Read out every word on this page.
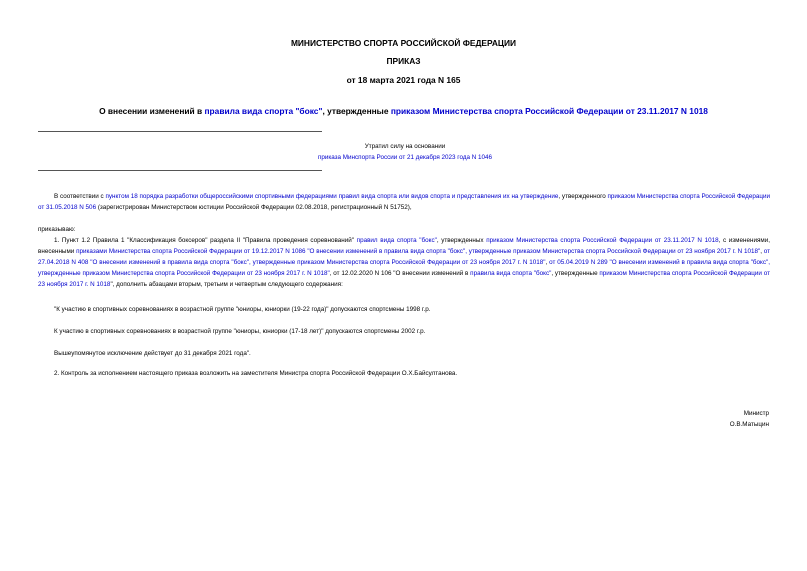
МИНИСТЕРСТВО СПОРТА РОССИЙСКОЙ ФЕДЕРАЦИИ
ПРИКАЗ
от 18 марта 2021 года N 165
О внесении изменений в правила вида спорта "бокс", утвержденные приказом Министерства спорта Российской Федерации от 23.11.2017 N 1018
Утратил силу на основании
приказа Минспорта России от 21 декабря 2023 года N 1046
В соответствии с пунктом 18 порядка разработки общероссийскими спортивными федерациями правил вида спорта или видов спорта и представления их на утверждение, утвержденного приказом Министерства спорта Российской Федерации от 31.05.2018 N 506 (зарегистрирован Министерством юстиции Российской Федерации 02.08.2018, регистрационный N 51752),
приказываю:
1. Пункт 1.2 Правила 1 "Классификация боксеров" раздела II "Правила проведения соревнований" правил вида спорта "бокс", утвержденных приказом Министерства спорта Российской Федерации от 23.11.2017 N 1018, с изменениями, внесенными приказами Министерства спорта Российской Федерации от 19.12.2017 N 1086 "О внесении изменений в правила вида спорта "бокс", утвержденные приказом Министерства спорта Российской Федерации от 23 ноября 2017 г. N 1018", от 27.04.2018 N 408 "О внесении изменений в правила вида спорта "бокс", утвержденные приказом Министерства спорта Российской Федерации от 23 ноября 2017 г. N 1018", от 05.04.2019 N 289 "О внесении изменений в правила вида спорта "бокс", утвержденные приказом Министерства спорта Российской Федерации от 23 ноября 2017 г. N 1018", от 12.02.2020 N 106 "О внесении изменений в правила вида спорта "бокс", утвержденные приказом Министерства спорта Российской Федерации от 23 ноября 2017 г. N 1018", дополнить абзацами вторым, третьим и четвертым следующего содержания:
"К участию в спортивных соревнованиях в возрастной группе "юниоры, юниорки (19-22 года)" допускаются спортсмены 1998 г.р.
К участию в спортивных соревнованиях в возрастной группе "юниоры, юниорки (17-18 лет)" допускаются спортсмены 2002 г.р.
Вышеупомянутое исключение действует до 31 декабря 2021 года".
2. Контроль за исполнением настоящего приказа возложить на заместителя Министра спорта Российской Федерации О.Х.Байсултанова.
Министр
О.В.Матыцин
